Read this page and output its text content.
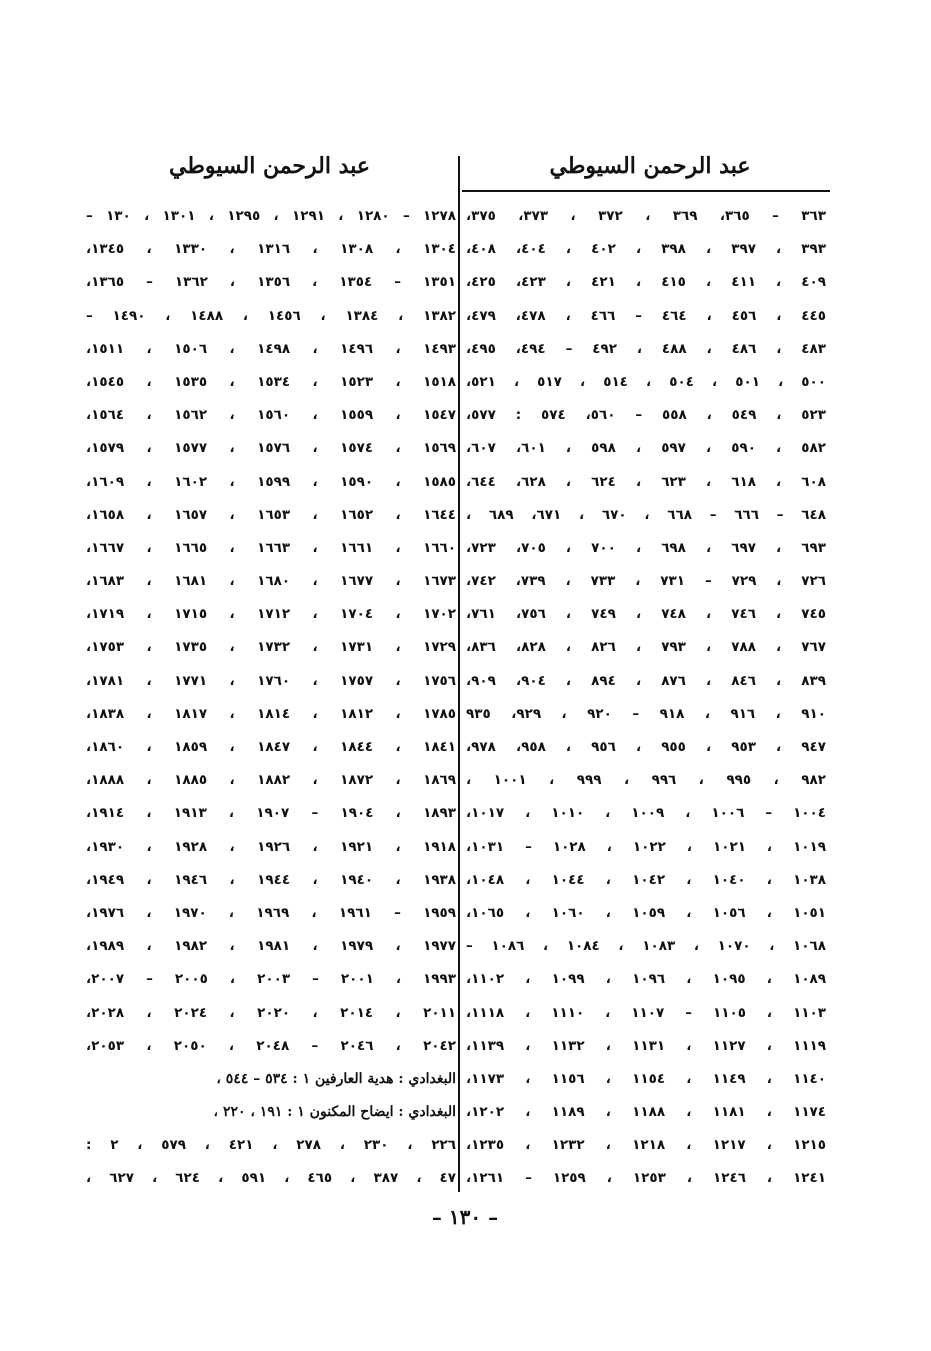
عبد الرحمن السيوطي
عبد الرحمن السيوطي
٣٦٣ – ٣٦٥، ٣٦٩ ، ٣٧٢ ، ٣٧٣، ٣٧٥،
٣٩٣ ، ٣٩٧ ، ٣٩٨ ، ٤٠٢ ، ٤٠٤، ٤٠٨،
٤٠٩ ، ٤١١ ، ٤١٥ ، ٤٢١ ، ٤٢٣، ٤٢٥،
٤٤٥ ، ٤٥٦ ، ٤٦٤ – ٤٦٦ ، ٤٧٨، ٤٧٩،
٤٨٣ ، ٤٨٦ ، ٤٨٨ ، ٤٩٢ – ٤٩٤، ٤٩٥،
٥٠٠ ، ٥٠١ ، ٥٠٤ ، ٥١٤ ، ٥١٧ ، ٥٢١،
٥٢٣ ، ٥٤٩ ، ٥٥٨ – ٥٦٠، ٥٧٤ : ٥٧٧،
٥٨٢ ، ٥٩٠ ، ٥٩٧ ، ٥٩٨ ، ٦٠١، ٦٠٧،
٦٠٨ ، ٦١٨ ، ٦٢٣ ، ٦٢٤ ، ٦٢٨، ٦٤٤،
٦٤٨ – ٦٦٦ – ٦٦٨ ، ٦٧٠ ، ٦٧١، ٦٨٩ ،
٦٩٣ ، ٦٩٧ ، ٦٩٨ ، ٧٠٠ ، ٧٠٥، ٧٢٣،
٧٢٦ ، ٧٢٩ – ٧٣١ ، ٧٣٣ ، ٧٣٩، ٧٤٢،
٧٤٥ ، ٧٤٦ ، ٧٤٨ ، ٧٤٩ ، ٧٥٦، ٧٦١،
٧٦٧ ، ٧٨٨ ، ٧٩٣ ، ٨٢٦ ، ٨٢٨، ٨٣٦،
٨٣٩ ، ٨٤٦ ، ٨٧٦ ، ٨٩٤ ، ٩٠٤، ٩٠٩،
٩١٠ ، ٩١٦ ، ٩١٨ – ٩٢٠ ، ٩٢٩، ٩٣٥
٩٤٧ ، ٩٥٣ ، ٩٥٥ ، ٩٥٦ ، ٩٥٨، ٩٧٨،
٩٨٢ ، ٩٩٥ ، ٩٩٦ ، ٩٩٩ ، ١٠٠١ ،
١٠٠٤ – ١٠٠٦ ، ١٠٠٩ ، ١٠١٠ ، ١٠١٧،
١٠١٩ ، ١٠٢١ ، ١٠٢٢ ، ١٠٢٨ – ١٠٣١،
١٠٣٨ ، ١٠٤٠ ، ١٠٤٢ ، ١٠٤٤ ، ١٠٤٨،
١٠٥١ ، ١٠٥٦ ، ١٠٥٩ ، ١٠٦٠ ، ١٠٦٥،
١٠٦٨ ، ١٠٧٠ ، ١٠٨٣ ، ١٠٨٤ ، ١٠٨٦ –
١٠٨٩ ، ١٠٩٥ ، ١٠٩٦ ، ١٠٩٩ ، ١١٠٢،
١١٠٣ ، ١١٠٥ – ١١٠٧ ، ١١١٠ ، ١١١٨،
١١١٩ ، ١١٢٧ ، ١١٣١ ، ١١٣٢ ، ١١٣٩،
١١٤٠ ، ١١٤٩ ، ١١٥٤ ، ١١٥٦ ، ١١٧٣،
١١٧٤ ، ١١٨١ ، ١١٨٨ ، ١١٨٩ ، ١٢٠٢،
١٢١٥ ، ١٢١٧ ، ١٢١٨ ، ١٢٣٢ ، ١٢٣٥،
١٢٤١ ، ١٢٤٦ ، ١٢٥٣ ، ١٢٥٩ – ١٢٦١،
١٢٧٨ – ١٢٨٠ ، ١٢٩١ ، ١٢٩٥ ، ١٣٠١ ، ١٣٠ –
١٣٠٤ ، ١٣٠٨ ، ١٣١٦ ، ١٣٣٠ ، ١٣٤٥،
١٣٥١ – ١٣٥٤ ، ١٣٥٦ ، ١٣٦٢ – ١٣٦٥،
١٣٨٢ ، ١٣٨٤ ، ١٤٥٦ ، ١٤٨٨ ، ١٤٩٠ –
١٤٩٣ ، ١٤٩٦ ، ١٤٩٨ ، ١٥٠٦ ، ١٥١١،
١٥١٨ ، ١٥٢٣ ، ١٥٣٤ ، ١٥٣٥ ، ١٥٤٥،
١٥٤٧ ، ١٥٥٩ ، ١٥٦٠ ، ١٥٦٢ ، ١٥٦٤،
١٥٦٩ ، ١٥٧٤ ، ١٥٧٦ ، ١٥٧٧ ، ١٥٧٩،
١٥٨٥ ، ١٥٩٠ ، ١٥٩٩ ، ١٦٠٢ ، ١٦٠٩،
١٦٤٤ ، ١٦٥٢ ، ١٦٥٣ ، ١٦٥٧ ، ١٦٥٨،
١٦٦٠ ، ١٦٦١ ، ١٦٦٣ ، ١٦٦٥ ، ١٦٦٧،
١٦٧٣ ، ١٦٧٧ ، ١٦٨٠ ، ١٦٨١ ، ١٦٨٣،
١٧٠٢ ، ١٧٠٤ ، ١٧١٢ ، ١٧١٥ ، ١٧١٩،
١٧٢٩ ، ١٧٣١ ، ١٧٣٢ ، ١٧٣٥ ، ١٧٥٣،
١٧٥٦ ، ١٧٥٧ ، ١٧٦٠ ، ١٧٧١ ، ١٧٨١،
١٧٨٥ ، ١٨١٢ ، ١٨١٤ ، ١٨١٧ ، ١٨٣٨،
١٨٤١ ، ١٨٤٤ ، ١٨٤٧ ، ١٨٥٩ ، ١٨٦٠،
١٨٦٩ ، ١٨٧٢ ، ١٨٨٢ ، ١٨٨٥ ، ١٨٨٨،
١٨٩٣ ، ١٩٠٤ – ١٩٠٧ ، ١٩١٣ ، ١٩١٤،
١٩١٨ ، ١٩٢١ ، ١٩٢٦ ، ١٩٢٨ ، ١٩٣٠،
١٩٣٨ ، ١٩٤٠ ، ١٩٤٤ ، ١٩٤٦ ، ١٩٤٩،
١٩٥٩ – ١٩٦١ ، ١٩٦٩ ، ١٩٧٠ ، ١٩٧٦،
١٩٧٧ ، ١٩٧٩ ، ١٩٨١ ، ١٩٨٢ ، ١٩٨٩،
١٩٩٣ ، ٢٠٠١ – ٢٠٠٣ ، ٢٠٠٥ – ٢٠٠٧،
٢٠١١ ، ٢٠١٤ ، ٢٠٢٠ ، ٢٠٢٤ ، ٢٠٢٨،
٢٠٤٢ ، ٢٠٤٦ – ٢٠٤٨ ، ٢٠٥٠ ، ٢٠٥٣،
البغدادي : هدية العارفين ١ : ٥٣٤ – ٥٤٤ ،
البغدادي : ايضاح المكنون ١ : ١٩١ ، ٢٢٠ ،
٢٢٦ ، ٢٣٠ ، ٢٧٨ ، ٤٢١ ، ٥٧٩ ، ٢ :
٤٧ ، ٣٨٧ ، ٤٦٥ ، ٥٩١ ، ٦٢٤ ، ٦٢٧ ،
– ١٣٠ –
